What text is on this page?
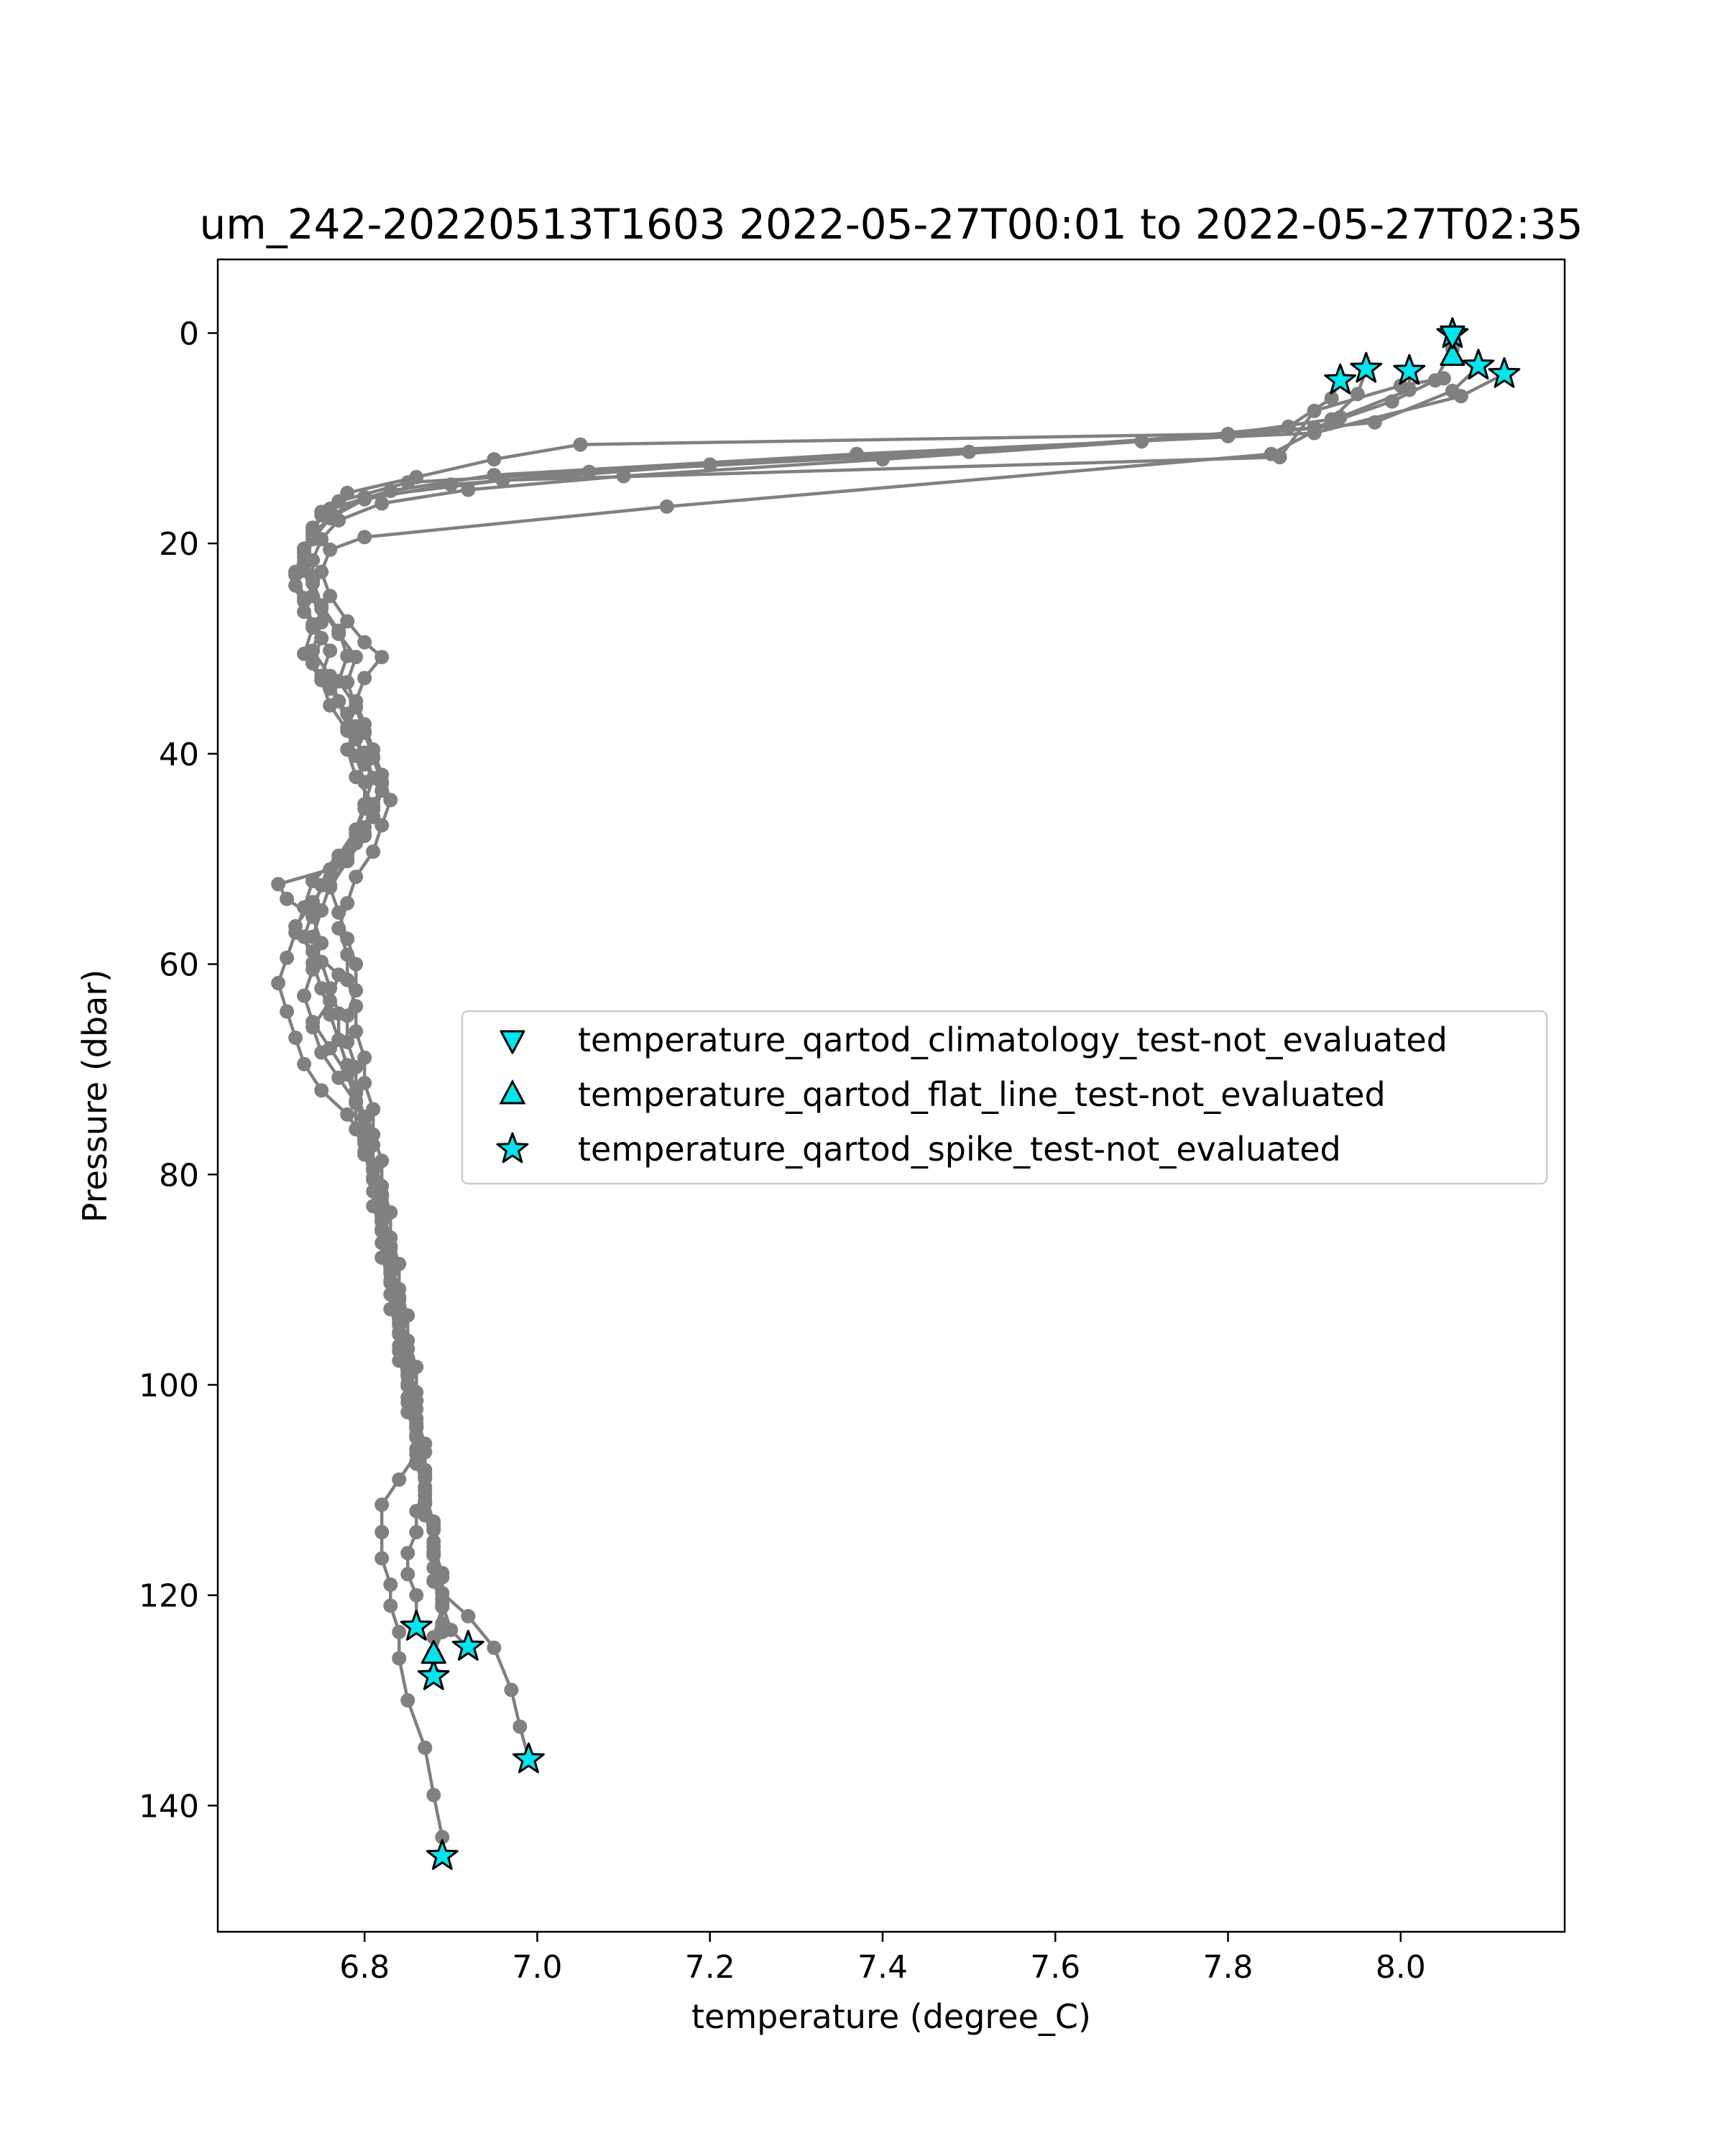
um_242-20220513T1603 2022-05-27T00:01 to 2022-05-27T02:35
6.8	7.0	7.2	7.4	7.6	7.8	8.0
0
20
40
60
80
100
120
140
temperature (degree_C)
Pressure (dbar)	temperature_qartod_climatology_test-not_evaluated
temperature_qartod_flat_line_test-not_evaluated
temperature_qartod_spike_test-not_evaluated
